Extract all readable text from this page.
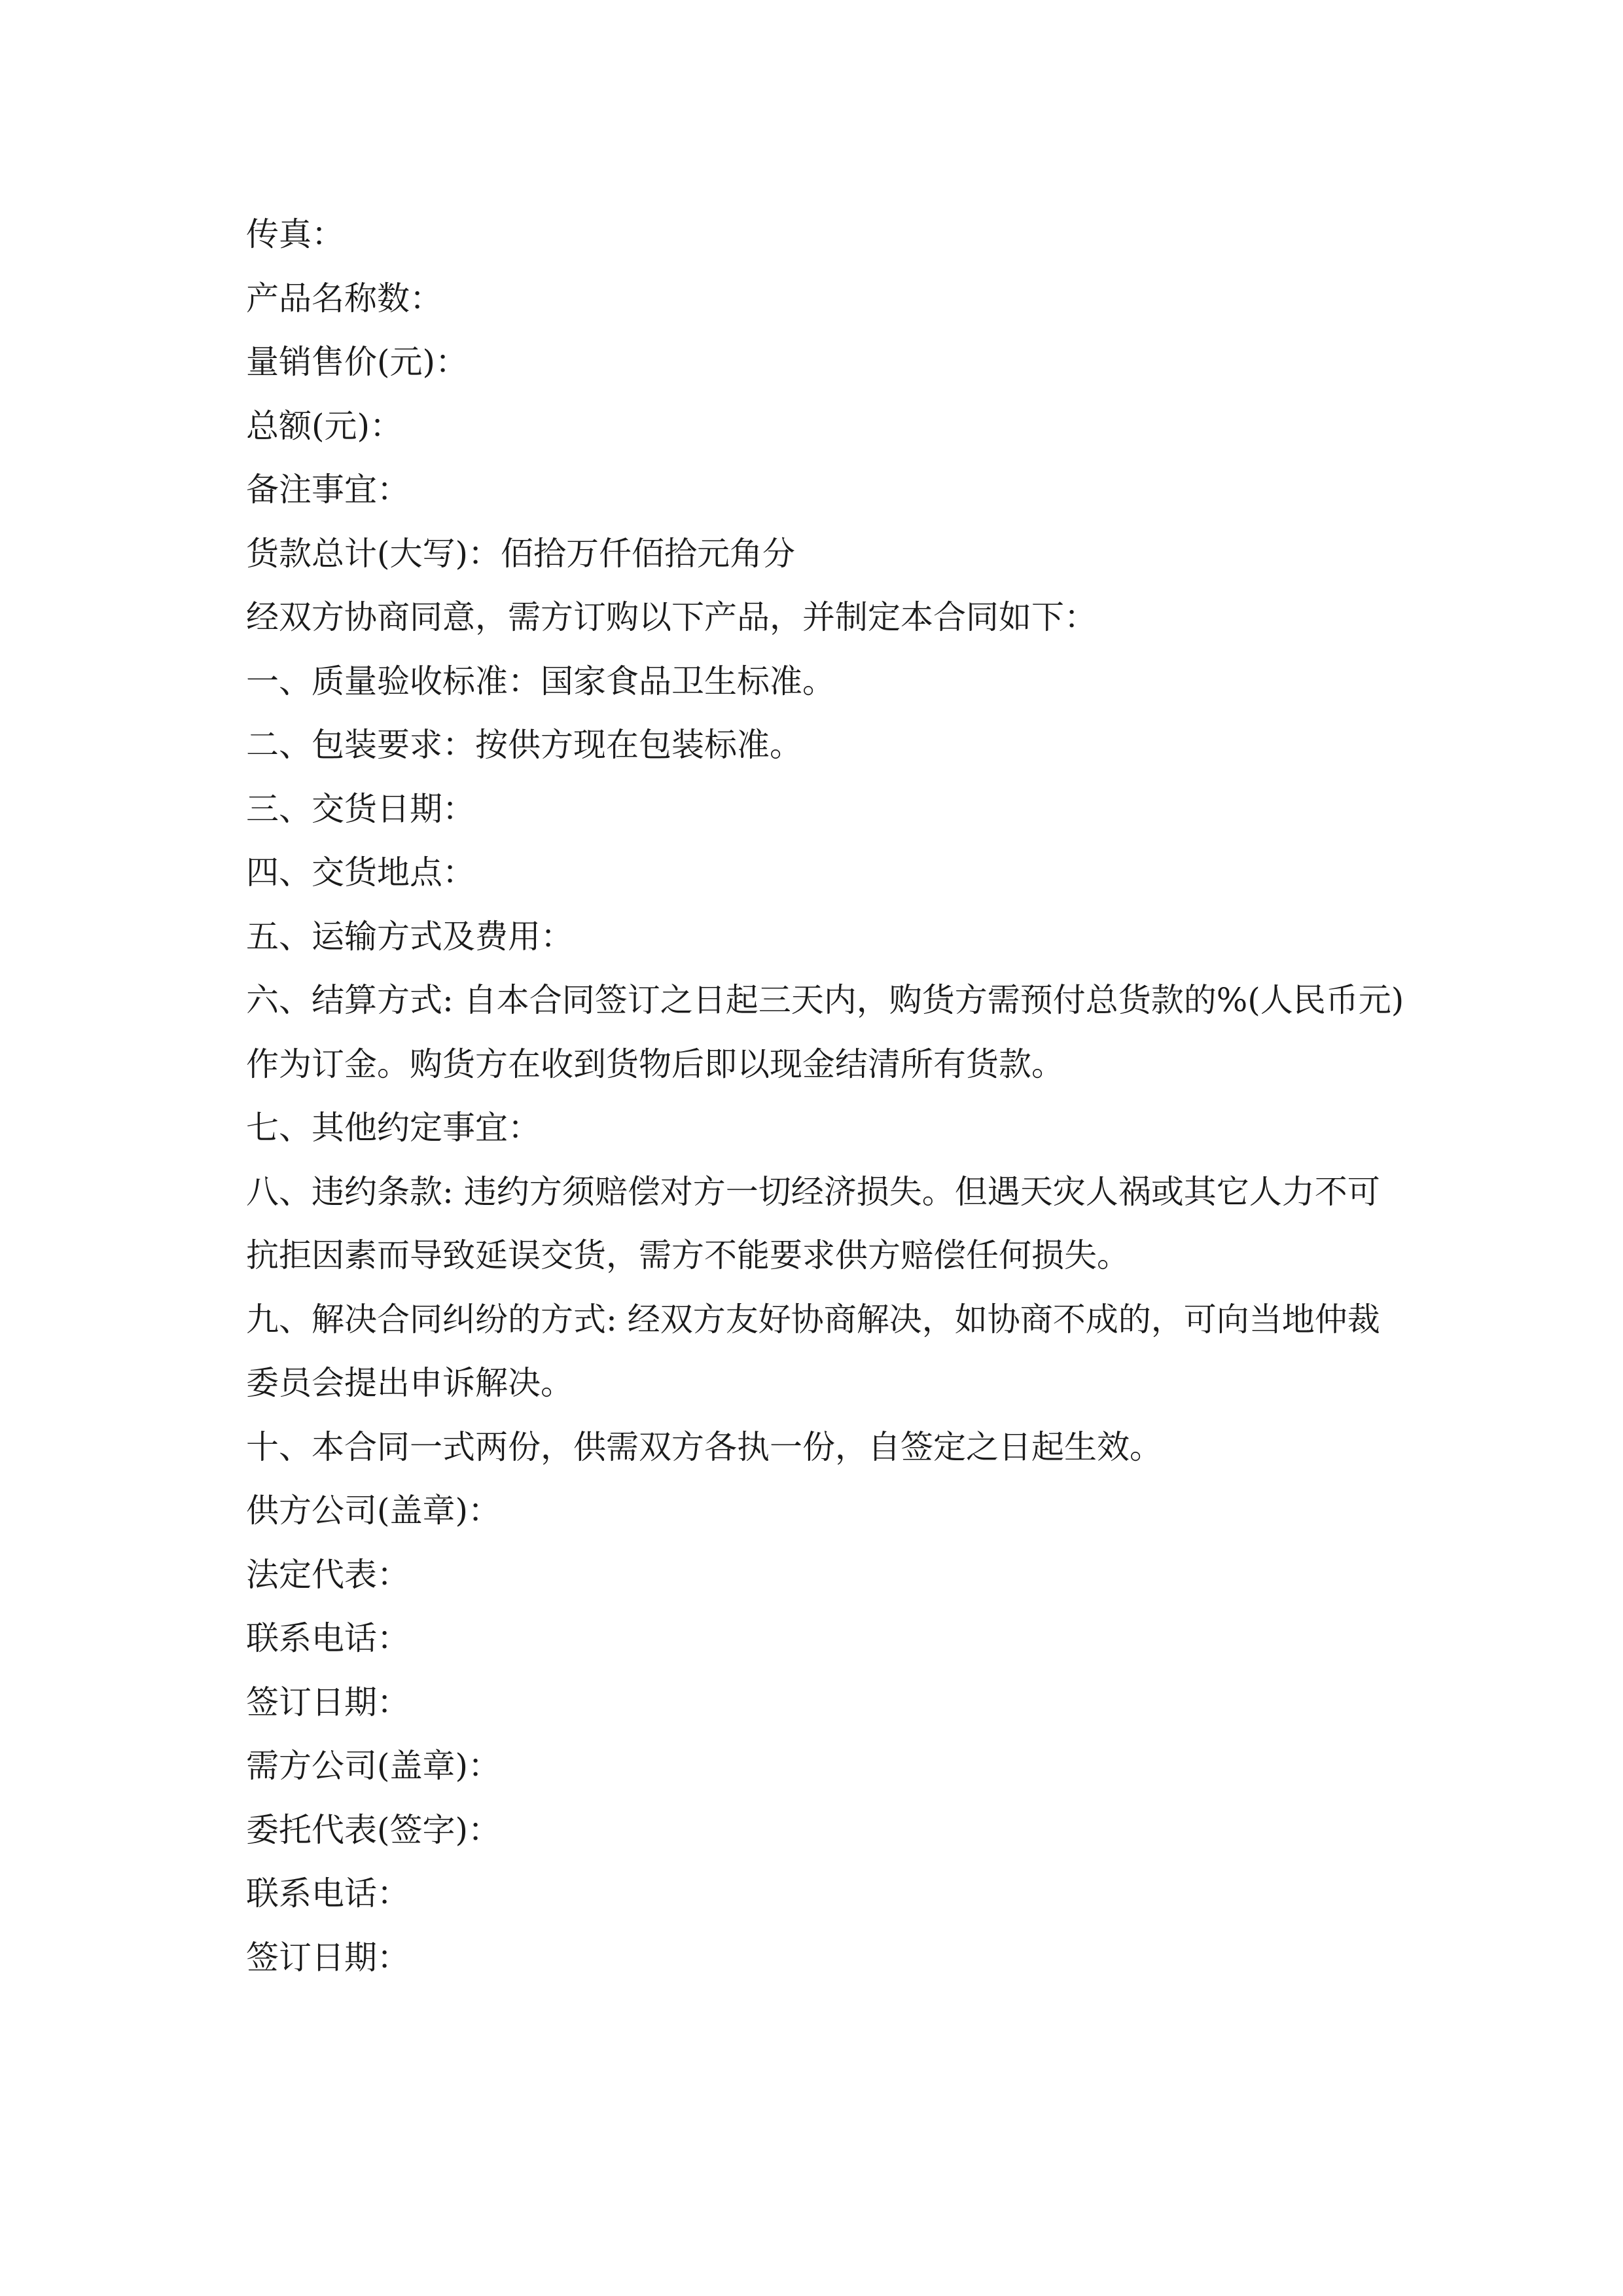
传真：
产品名称数：
量销售价(元)：
总额(元)：
备注事宜：
货款总计(大写)：佰拾万仟佰拾元角分
经双方协商同意，需方订购以下产品，并制定本合同如下：
一、质量验收标准：国家食品卫生标准。
二、包装要求：按供方现在包装标准。
三、交货日期：
四、交货地点：
五、运输方式及费用：
六、结算方式: 自本合同签订之日起三天内，购货方需预付总货款的%(人民币元)
作为订金。购货方在收到货物后即以现金结清所有货款。
七、其他约定事宜：
八、违约条款: 违约方须赔偿对方一切经济损失。但遇天灾人祸或其它人力不可
抗拒因素而导致延误交货，需方不能要求供方赔偿任何损失。
九、解决合同纠纷的方式: 经双方友好协商解决，如协商不成的，可向当地仲裁
委员会提出申诉解决。
十、本合同一式两份，供需双方各执一份，自签定之日起生效。
供方公司(盖章)：
法定代表：
联系电话：
签订日期：
需方公司(盖章)：
委托代表(签字)：
联系电话：
签订日期：
